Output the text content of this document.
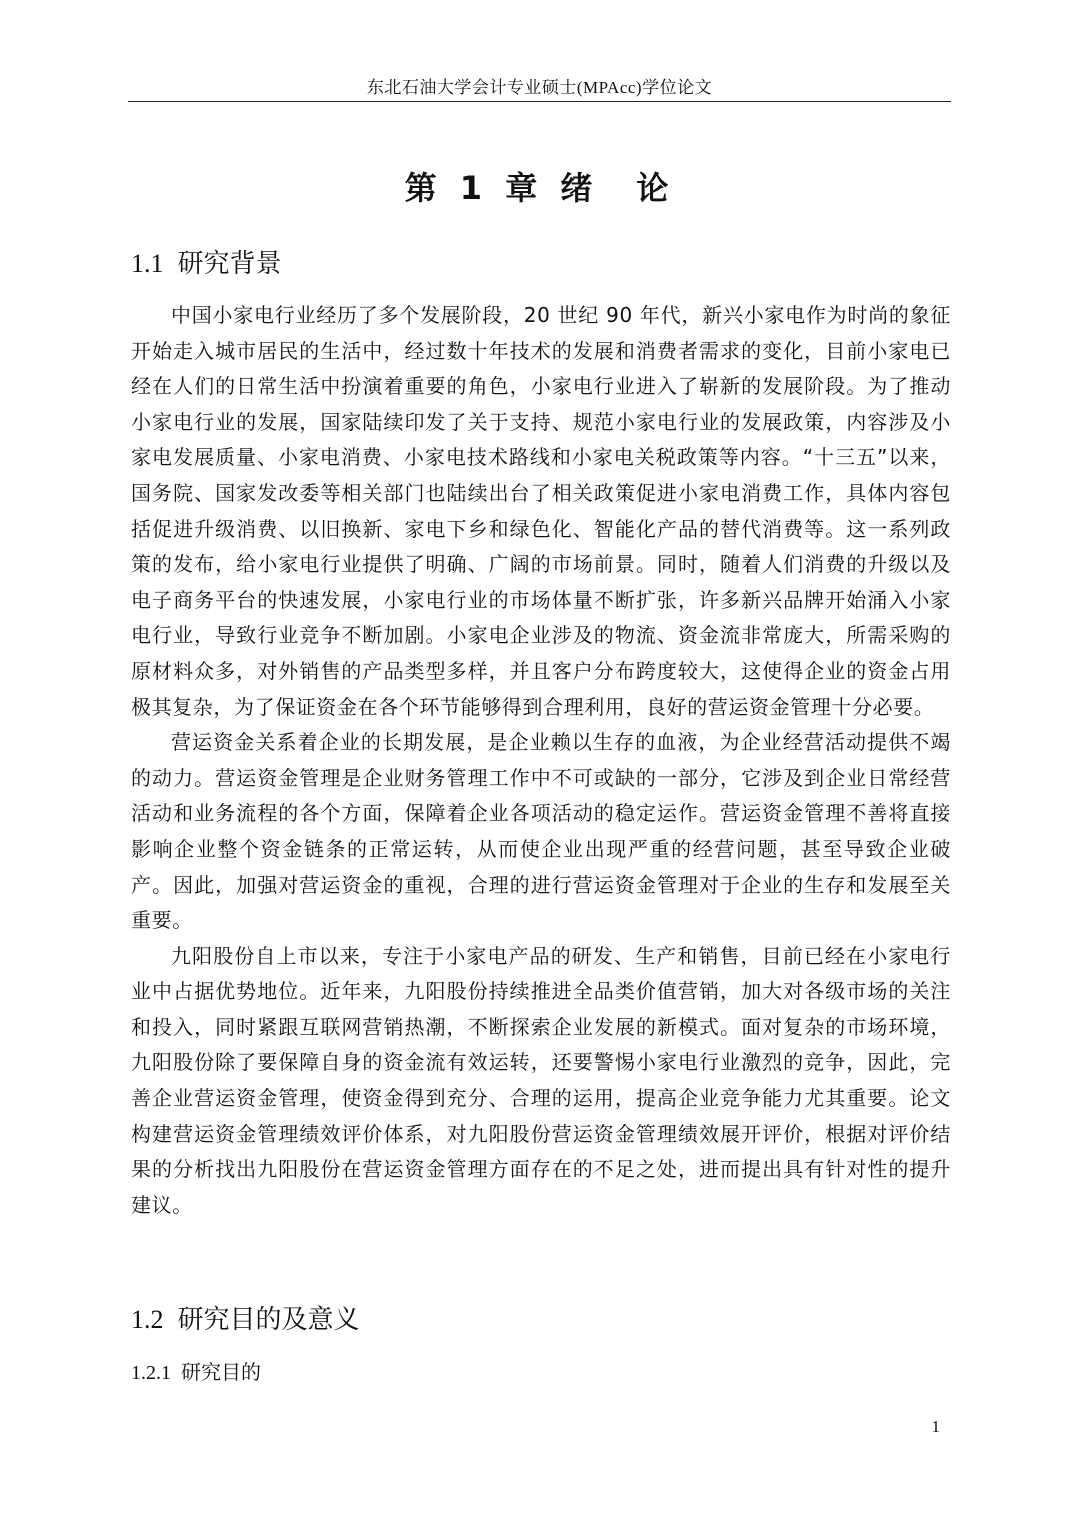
东北石油大学会计专业硕士(MPAcc)学位论文
第 1 章 绪　论
1.1 研究背景

中国小家电行业经历了多个发展阶段，20 世纪 90 年代，新兴小家电作为时尚的象征开始走入城市居民的生活中，经过数十年技术的发展和消费者需求的变化，目前小家电已经在人们的日常生活中扮演着重要的角色，小家电行业进入了崭新的发展阶段。为了推动小家电行业的发展，国家陆续印发了关于支持、规范小家电行业的发展政策，内容涉及小家电发展质量、小家电消费、小家电技术路线和小家电关税政策等内容。“十三五”以来，国务院、国家发改委等相关部门也陆续出台了相关政策促进小家电消费工作，具体内容包括促进升级消费、以旧换新、家电下乡和绿色化、智能化产品的替代消费等。这一系列政策的发布，给小家电行业提供了明确、广阔的市场前景。同时，随着人们消费的升级以及电子商务平台的快速发展，小家电行业的市场体量不断扩张，许多新兴品牌开始涌入小家电行业，导致行业竞争不断加剧。小家电企业涉及的物流、资金流非常庞大，所需采购的原材料众多，对外销售的产品类型多样，并且客户分布跨度较大，这使得企业的资金占用极其复杂，为了保证资金在各个环节能够得到合理利用，良好的营运资金管理十分必要。

营运资金关系着企业的长期发展，是企业赖以生存的血液，为企业经营活动提供不竭的动力。营运资金管理是企业财务管理工作中不可或缺的一部分，它涉及到企业日常经营活动和业务流程的各个方面，保障着企业各项活动的稳定运作。营运资金管理不善将直接影响企业整个资金链条的正常运转，从而使企业出现严重的经营问题，甚至导致企业破产。因此，加强对营运资金的重视，合理的进行营运资金管理对于企业的生存和发展至关重要。

九阳股份自上市以来，专注于小家电产品的研发、生产和销售，目前已经在小家电行业中占据优势地位。近年来，九阳股份持续推进全品类价值营销，加大对各级市场的关注和投入，同时紧跟互联网营销热潮，不断探索企业发展的新模式。面对复杂的市场环境，九阳股份除了要保障自身的资金流有效运转，还要警惕小家电行业激烈的竞争，因此，完善企业营运资金管理，使资金得到充分、合理的运用，提高企业竞争能力尤其重要。论文构建营运资金管理绩效评价体系，对九阳股份营运资金管理绩效展开评价，根据对评价结果的分析找出九阳股份在营运资金管理方面存在的不足之处，进而提出具有针对性的提升建议。

1.2 研究目的及意义
1.2.1 研究目的
1
